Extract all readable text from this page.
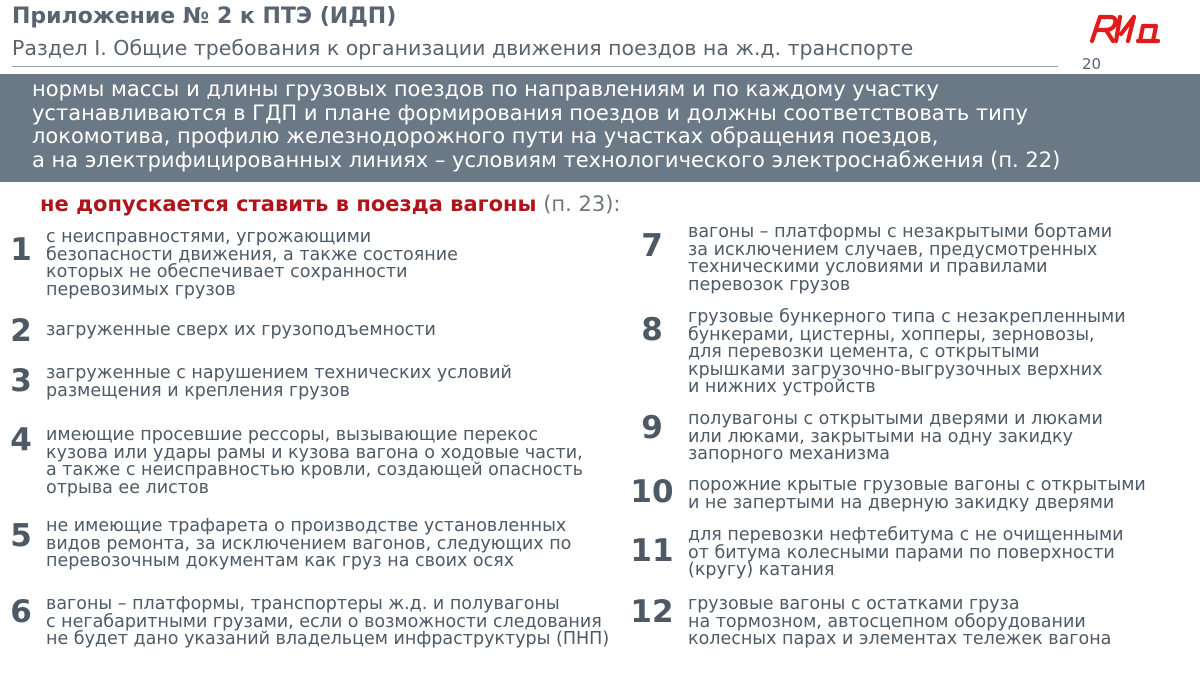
Приложение № 2 к ПТЭ (ИДП)
Раздел I. Общие требования к организации движения поездов на ж.д. транспорте
20
нормы массы и длины грузовых поездов по направлениям и по каждому участку
устанавливаются в ГДП и плане формирования поездов и должны соответствовать типу
локомотива, профилю железнодорожного пути на участках обращения поездов,
а на электрифицированных линиях – условиям технологического электроснабжения (п. 22)
не допускается ставить в поезда вагоны (п. 23):
1 с неисправностями, угрожающими
безопасности движения, а также состояние
которых не обеспечивает сохранности
перевозимых грузов
2 загруженные сверх их грузоподъемности
3 загруженные с нарушением технических условий
размещения и крепления грузов
4 имеющие просевшие рессоры, вызывающие перекос
кузова или удары рамы и кузова вагона о ходовые части,
а также с неисправностью кровли, создающей опасность
отрыва ее листов
5 не имеющие трафарета о производстве установленных
видов ремонта, за исключением вагонов, следующих по
перевозочным документам как груз на своих осях
6 вагоны – платформы, транспортеры ж.д. и полувагоны
с негабаритными грузами, если о возможности следования
не будет дано указаний владельцем инфраструктуры (ПНП)
7	вагоны – платформы с незакрытыми бортами
за исключением случаев, предусмотренных
техническими условиями и правилами
перевозок грузов
8	грузовые бункерного типа с незакрепленными
бункерами, цистерны, хопперы, зерновозы,
для перевозки цемента, с открытыми
крышками загрузочно-выгрузочных верхних
и нижних устройств
9	полувагоны с открытыми дверями и люками
или люками, закрытыми на одну закидку
запорного механизма
10 порожние крытые грузовые вагоны с открытыми
и не запертыми на дверную закидку дверями
11 для перевозки нефтебитума с не очищенными
от битума колесными парами по поверхности
(кругу) катания
12 грузовые вагоны с остатками груза
на тормозном, автосцепном оборудовании
колесных парах и элементах тележек вагона
